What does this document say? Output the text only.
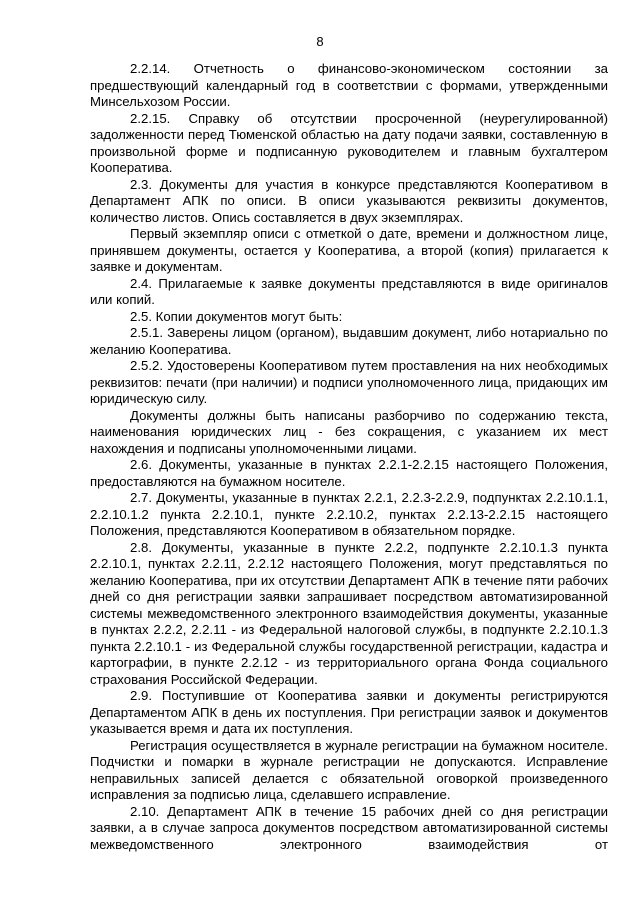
8

2.2.14. Отчетность о финансово-экономическом состоянии за предшествующий календарный год в соответствии с формами, утвержденными Минсельхозом России.

2.2.15. Справку об отсутствии просроченной (неурегулированной) задолженности перед Тюменской областью на дату подачи заявки, составленную в произвольной форме и подписанную руководителем и главным бухгалтером Кооператива.

2.3. Документы для участия в конкурсе представляются Кооперативом в Департамент АПК по описи. В описи указываются реквизиты документов, количество листов. Опись составляется в двух экземплярах.

Первый экземпляр описи с отметкой о дате, времени и должностном лице, принявшем документы, остается у Кооператива, а второй (копия) прилагается к заявке и документам.

2.4. Прилагаемые к заявке документы представляются в виде оригиналов или копий.

2.5. Копии документов могут быть:

2.5.1. Заверены лицом (органом), выдавшим документ, либо нотариально по желанию Кооператива.

2.5.2. Удостоверены Кооперативом путем проставления на них необходимых реквизитов: печати (при наличии) и подписи уполномоченного лица, придающих им юридическую силу.

Документы должны быть написаны разборчиво по содержанию текста, наименования юридических лиц - без сокращения, с указанием их мест нахождения и подписаны уполномоченными лицами.

2.6. Документы, указанные в пунктах 2.2.1-2.2.15 настоящего Положения, предоставляются на бумажном носителе.

2.7. Документы, указанные в пунктах 2.2.1, 2.2.3-2.2.9, подпунктах 2.2.10.1.1, 2.2.10.1.2 пункта 2.2.10.1, пункте 2.2.10.2, пунктах 2.2.13-2.2.15 настоящего Положения, представляются Кооперативом в обязательном порядке.

2.8. Документы, указанные в пункте 2.2.2, подпункте 2.2.10.1.3 пункта 2.2.10.1, пунктах 2.2.11, 2.2.12 настоящего Положения, могут представляться по желанию Кооператива, при их отсутствии Департамент АПК в течение пяти рабочих дней со дня регистрации заявки запрашивает посредством автоматизированной системы межведомственного электронного взаимодействия документы, указанные в пунктах 2.2.2, 2.2.11 - из Федеральной налоговой службы, в подпункте 2.2.10.1.3 пункта 2.2.10.1 - из Федеральной службы государственной регистрации, кадастра и картографии, в пункте 2.2.12 - из территориального органа Фонда социального страхования Российской Федерации.

2.9. Поступившие от Кооператива заявки и документы регистрируются Департаментом АПК в день их поступления. При регистрации заявок и документов указывается время и дата их поступления.

Регистрация осуществляется в журнале регистрации на бумажном носителе. Подчистки и помарки в журнале регистрации не допускаются. Исправление неправильных записей делается с обязательной оговоркой произведенного исправления за подписью лица, сделавшего исправление.

2.10. Департамент АПК в течение 15 рабочих дней со дня регистрации заявки, а в случае запроса документов посредством автоматизированной системы межведомственного электронного взаимодействия от
